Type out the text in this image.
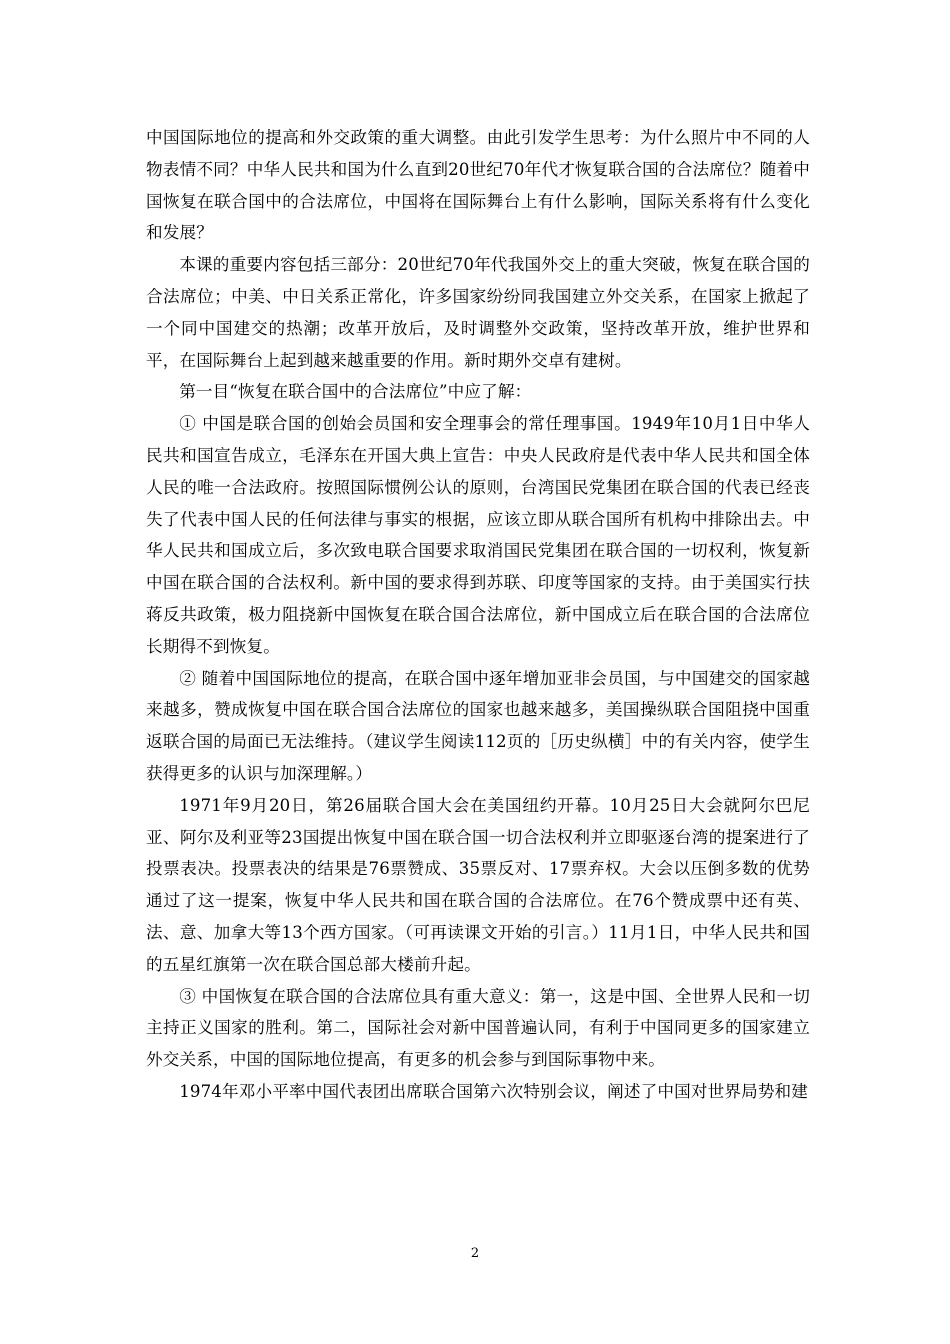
中国国际地位的提高和外交政策的重大调整。由此引发学生思考：为什么照片中不同的人物表情不同？中华人民共和国为什么直到20世纪70年代才恢复联合国的合法席位？随着中国恢复在联合国中的合法席位，中国将在国际舞台上有什么影响，国际关系将有什么变化和发展？

本课的重要内容包括三部分：20世纪70年代我国外交上的重大突破，恢复在联合国的合法席位；中美、中日关系正常化，许多国家纷纷同我国建立外交关系，在国家上掀起了一个同中国建交的热潮；改革开放后，及时调整外交政策，坚持改革开放，维护世界和平，在国际舞台上起到越来越重要的作用。新时期外交卓有建树。

第一目“恢复在联合国中的合法席位”中应了解：

① 中国是联合国的创始会员国和安全理事会的常任理事国。1949年10月1日中华人民共和国宣告成立，毛泽东在开国大典上宣告：中央人民政府是代表中华人民共和国全体人民的唯一合法政府。按照国际惯例公认的原则，台湾国民党集团在联合国的代表已经丧失了代表中国人民的任何法律与事实的根据，应该立即从联合国所有机构中排除出去。中华人民共和国成立后，多次致电联合国要求取消国民党集团在联合国的一切权利，恢复新中国在联合国的合法权利。新中国的要求得到苏联、印度等国家的支持。由于美国实行扶蒋反共政策，极力阻挠新中国恢复在联合国合法席位，新中国成立后在联合国的合法席位长期得不到恢复。

② 随着中国国际地位的提高，在联合国中逐年增加亚非会员国，与中国建交的国家越来越多，赞成恢复中国在联合国合法席位的国家也越来越多，美国操纵联合国阻挠中国重返联合国的局面已无法维持。（建议学生阅读112页的［历史纵横］中的有关内容，使学生获得更多的认识与加深理解。）

1971年9月20日，第26届联合国大会在美国纽约开幕。10月25日大会就阿尔巴尼亚、阿尔及利亚等23国提出恢复中国在联合国一切合法权利并立即驱逐台湾的提案进行了投票表决。投票表决的结果是76票赞成、35票反对、17票弃权。大会以压倒多数的优势通过了这一提案，恢复中华人民共和国在联合国的合法席位。在76个赞成票中还有英、法、意、加拿大等13个西方国家。（可再读课文开始的引言。）11月1日，中华人民共和国的五星红旗第一次在联合国总部大楼前升起。

③ 中国恢复在联合国的合法席位具有重大意义：第一，这是中国、全世界人民和一切主持正义国家的胜利。第二，国际社会对新中国普遍认同，有利于中国同更多的国家建立外交关系，中国的国际地位提高，有更多的机会参与到国际事物中来。

1974年邓小平率中国代表团出席联合国第六次特别会议，阐述了中国对世界局势和建

2
